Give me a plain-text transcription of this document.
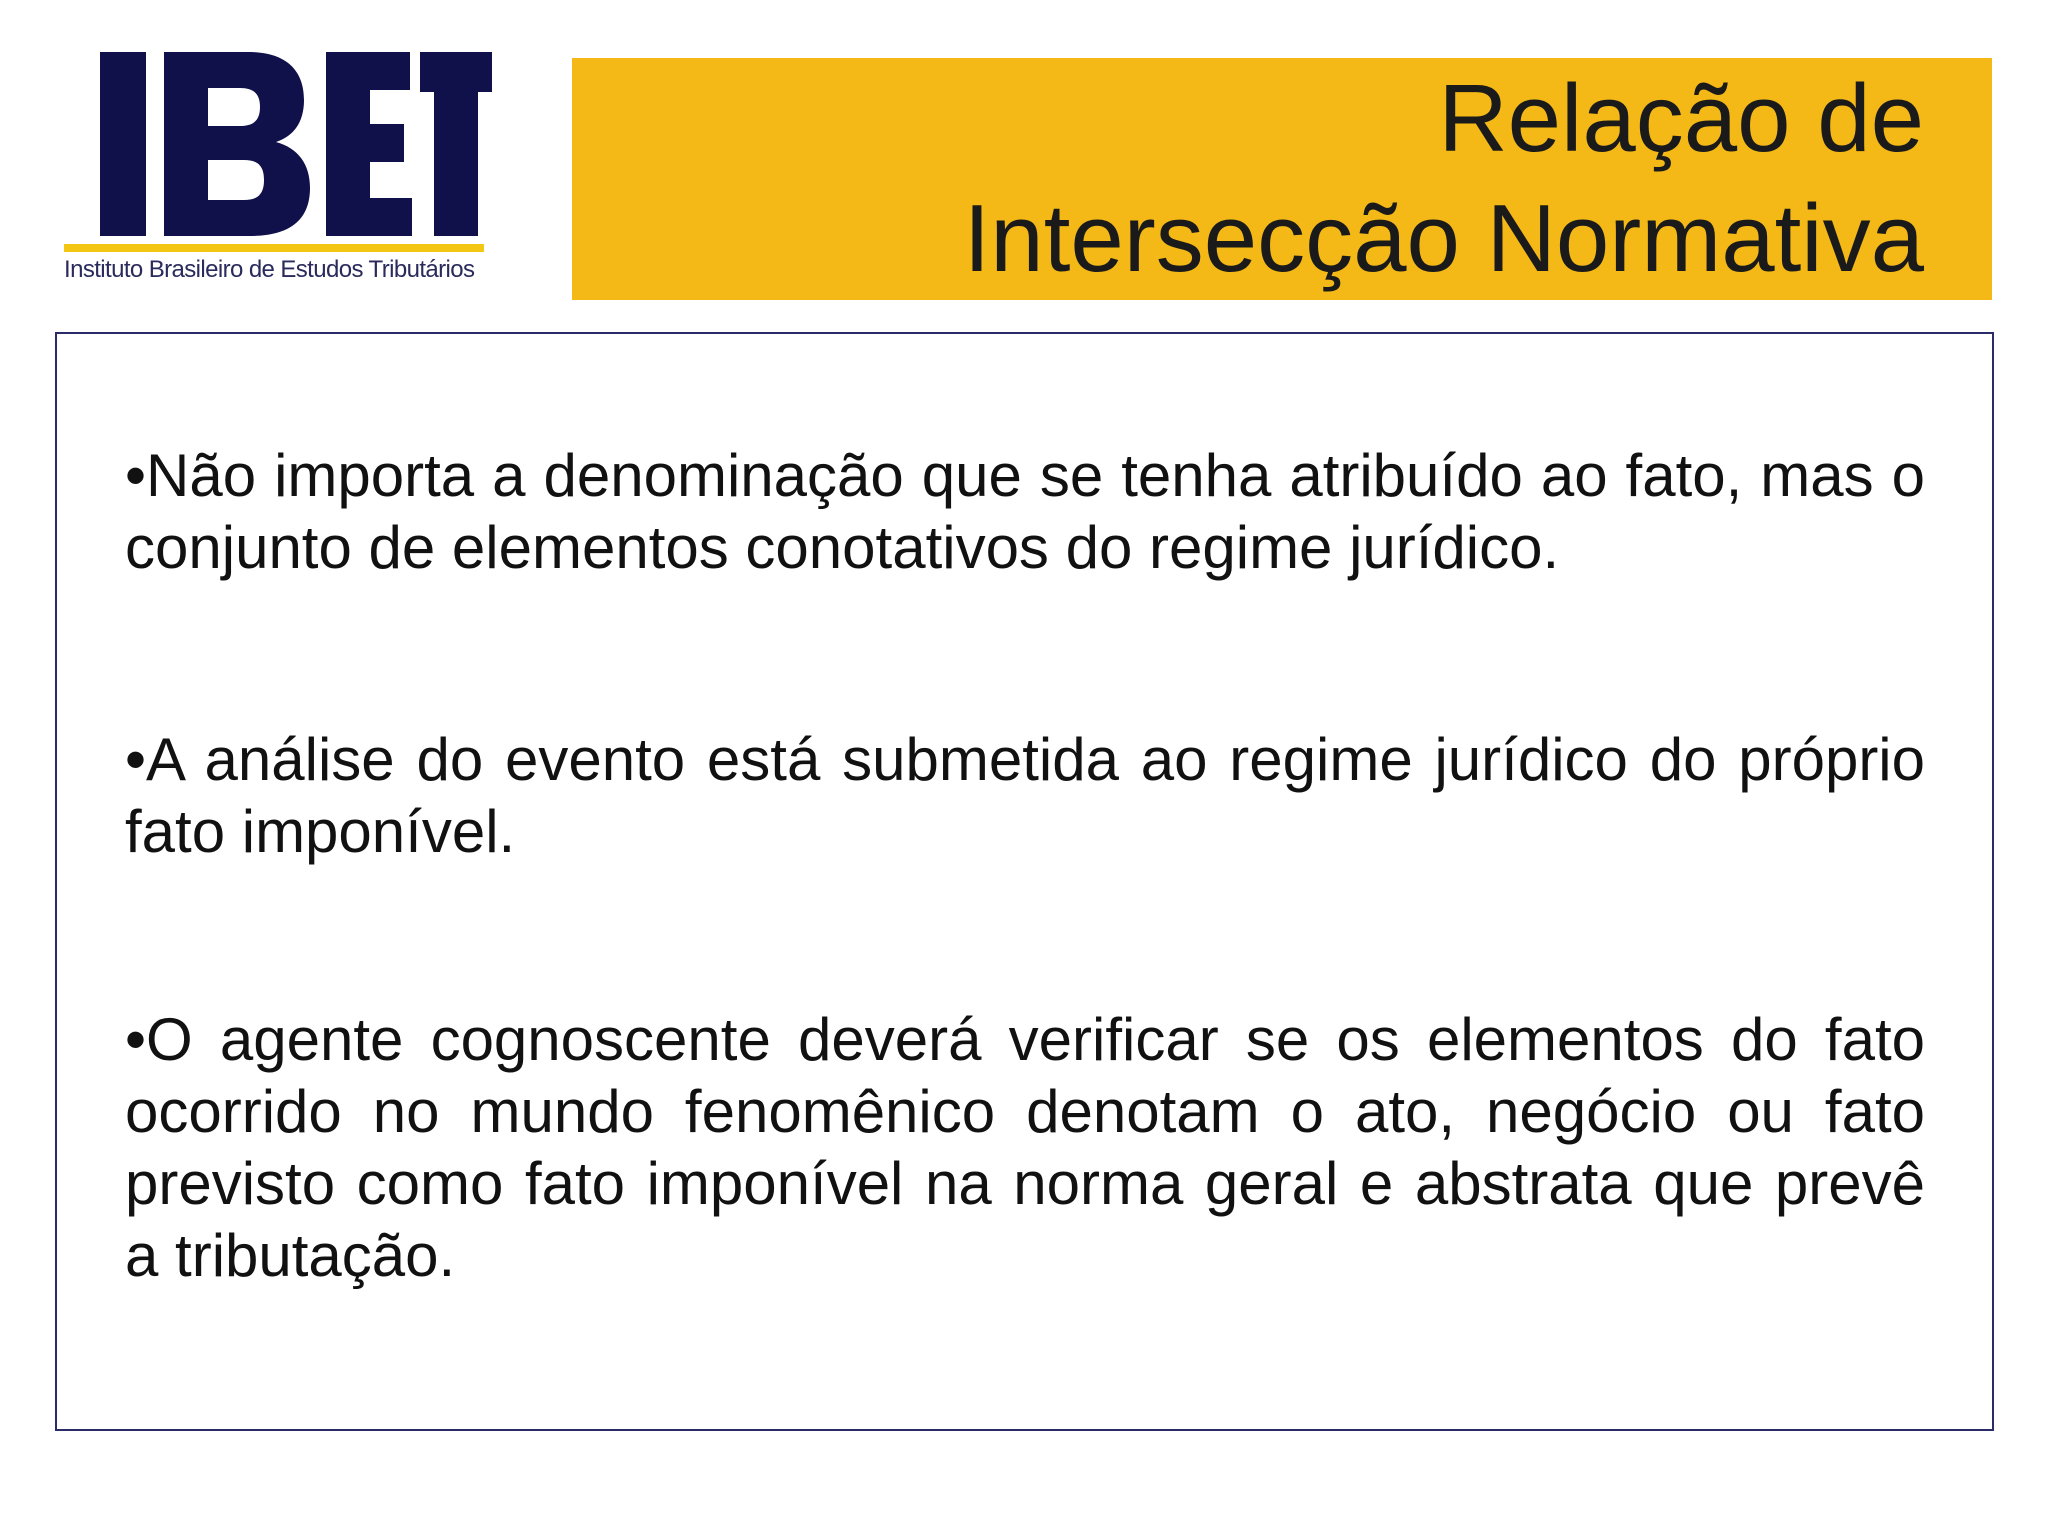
Instituto Brasileiro de Estudos Tributários
Relação de
Intersecção Normativa
•Não importa a denominação que se tenha atribuído ao fato, mas o conjunto de elementos conotativos do regime jurídico.
•A análise do evento está submetida ao regime jurídico do próprio fato imponível.
•O agente cognoscente deverá verificar se os elementos do fato ocorrido no mundo fenomênico denotam o ato, negócio ou fato previsto como fato imponível na norma geral e abstrata que prevê a tributação.
